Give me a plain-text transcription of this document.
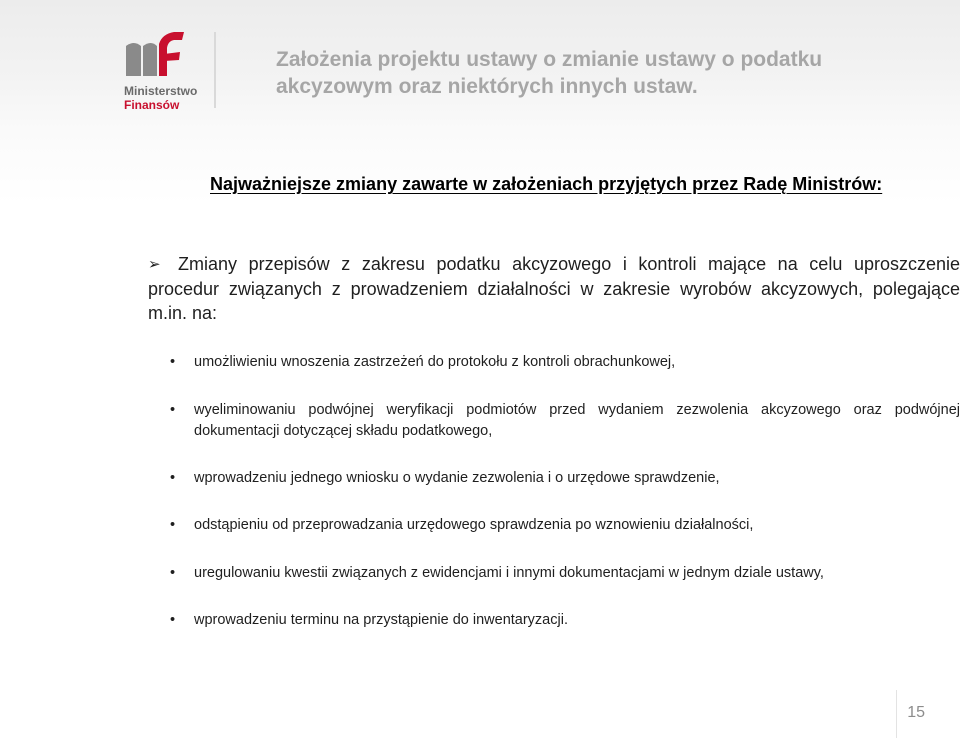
Ministerstwo
Finansów
Założenia projektu ustawy o zmianie ustawy o podatku akcyzowym oraz niektórych innych ustaw.
Najważniejsze zmiany zawarte w założeniach przyjętych przez Radę Ministrów:
➢ Zmiany przepisów z zakresu podatku akcyzowego i kontroli mające na celu uproszczenie procedur związanych z prowadzeniem działalności w zakresie wyrobów akcyzowych, polegające m.in. na:
•	umożliwieniu wnoszenia zastrzeżeń do protokołu z kontroli obrachunkowej,
•	wyeliminowaniu podwójnej weryfikacji podmiotów przed wydaniem zezwolenia akcyzowego oraz podwójnej dokumentacji dotyczącej składu podatkowego,
•	wprowadzeniu jednego wniosku o wydanie zezwolenia i o urzędowe sprawdzenie,
•	odstąpieniu od przeprowadzania urzędowego sprawdzenia po wznowieniu działalności,
•	uregulowaniu kwestii związanych z ewidencjami i innymi dokumentacjami w jednym dziale ustawy,
•	wprowadzeniu terminu na przystąpienie do inwentaryzacji.
15
